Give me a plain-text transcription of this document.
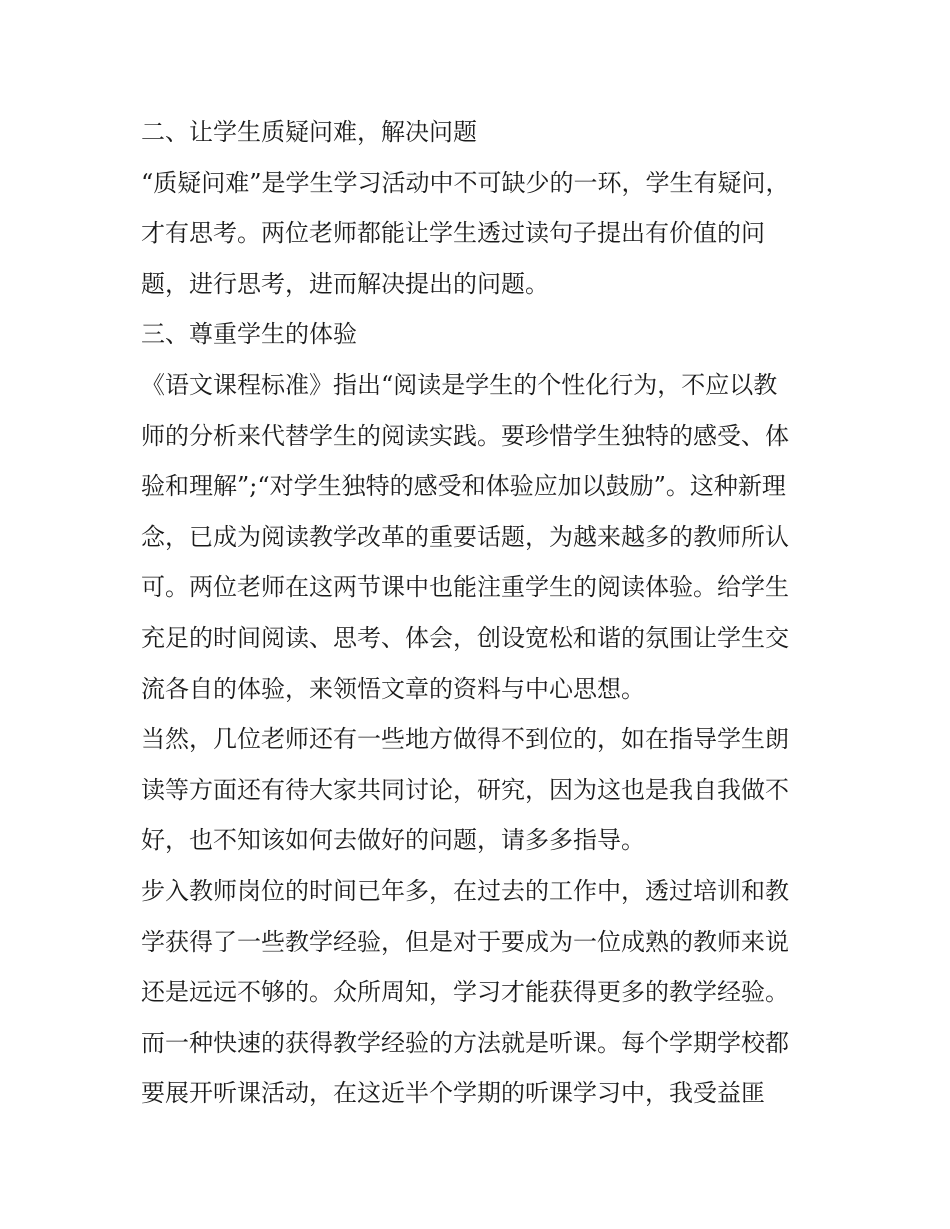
二、让学生质疑问难，解决问题
“质疑问难”是学生学习活动中不可缺少的一环，学生有疑问，
才有思考。两位老师都能让学生透过读句子提出有价值的问
题，进行思考，进而解决提出的问题。
三、尊重学生的体验
《语文课程标准》指出“阅读是学生的个性化行为，不应以教
师的分析来代替学生的阅读实践。要珍惜学生独特的感受、体
验和理解”;“对学生独特的感受和体验应加以鼓励”。这种新理
念，已成为阅读教学改革的重要话题，为越来越多的教师所认
可。两位老师在这两节课中也能注重学生的阅读体验。给学生
充足的时间阅读、思考、体会，创设宽松和谐的氛围让学生交
流各自的体验，来领悟文章的资料与中心思想。
当然，几位老师还有一些地方做得不到位的，如在指导学生朗
读等方面还有待大家共同讨论，研究，因为这也是我自我做不
好，也不知该如何去做好的问题，请多多指导。
步入教师岗位的时间已年多，在过去的工作中，透过培训和教
学获得了一些教学经验，但是对于要成为一位成熟的教师来说
还是远远不够的。众所周知，学习才能获得更多的教学经验。
而一种快速的获得教学经验的方法就是听课。每个学期学校都
要展开听课活动，在这近半个学期的听课学习中，我受益匪
